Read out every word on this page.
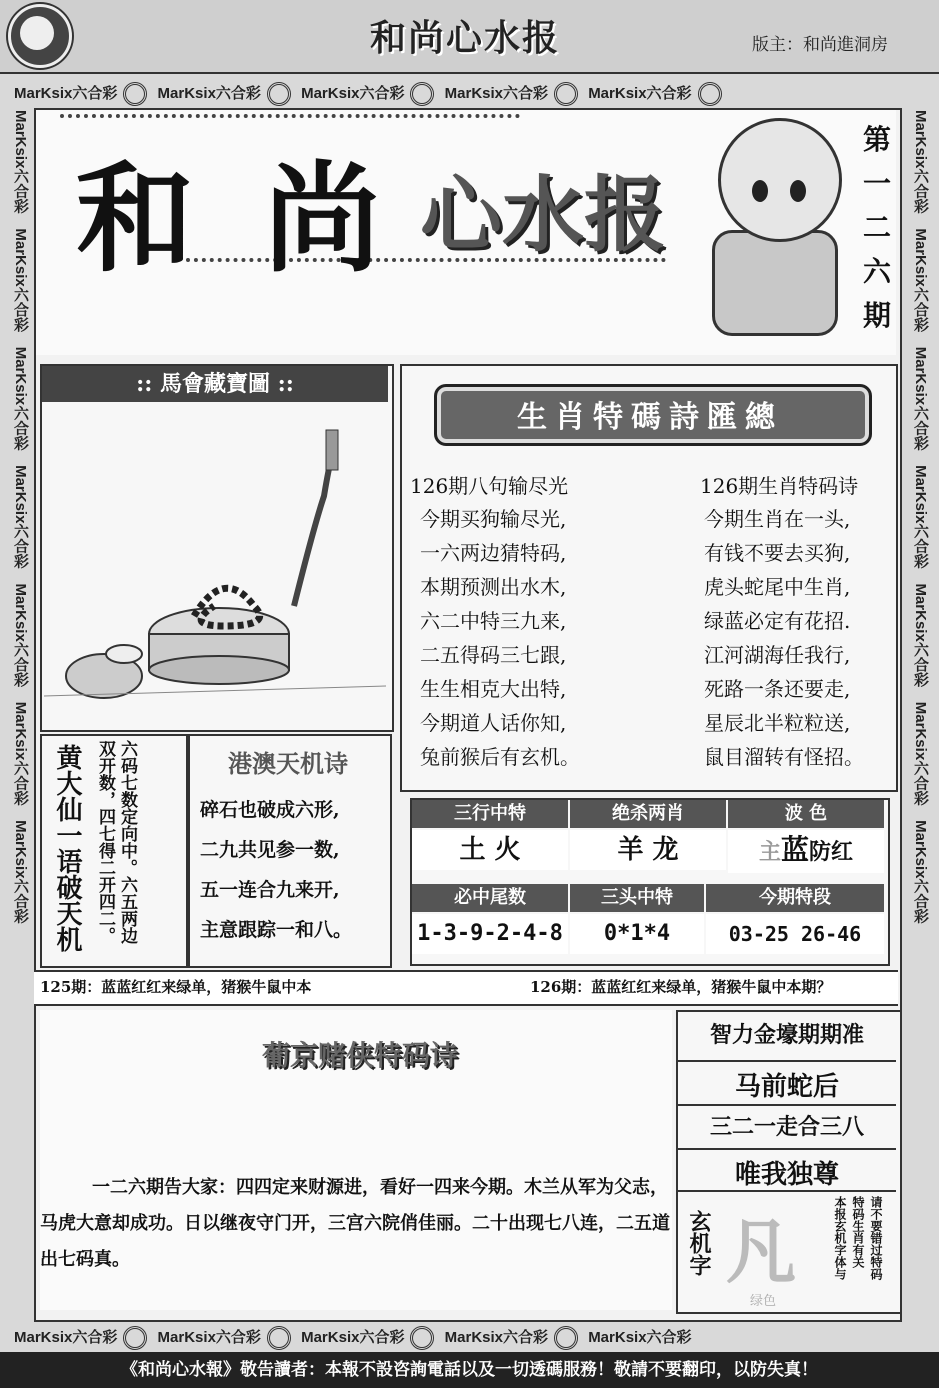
和尚心水报	版主：和尚進洞房
MarKsix六合彩	MarKsix六合彩	MarKsix六合彩	MarKsix六合彩	MarKsix六合彩
MarKsix六合彩	MarKsix六合彩	MarKsix六合彩	MarKsix六合彩	MarKsix六合彩
MarKsix六合彩　MarKsix六合彩　MarKsix六合彩　MarKsix六合彩　MarKsix六合彩　MarKsix六合彩　MarKsix六合彩
MarKsix六合彩　MarKsix六合彩　MarKsix六合彩　MarKsix六合彩　MarKsix六合彩　MarKsix六合彩　MarKsix六合彩
和 尚 心水报
第
一
二
六
期
:: 馬會藏寶圖 ::
生肖特碼詩匯總
126期八句输尽光
今期买狗输尽光,
一六两边猜特码,
本期预测出水木,
六二中特三九来,
二五得码三七跟,
生生相克大出特,
今期道人话你知,
兔前猴后有玄机。
126期生肖特码诗
今期生肖在一头,
有钱不要去买狗,
虎头蛇尾中生肖,
绿蓝必定有花招.
江河湖海任我行,
死路一条还要走,
星辰北半粒粒送,
鼠目溜转有怪招。
黄大仙一语破天机	六码七数定向中。六五两边双开数，四七得二开四二。	港澳天机诗
碎石也破成六形,
二九共见参一数,
五一连合九来开,
主意跟踪一和八。
三行中特	绝杀两肖	波 色
土 火	羊 龙	主蓝防红
必中尾数	三头中特	今期特段
1-3-9-2-4-8	0*1*4	03-25 26-46
125期：蓝蓝红红来绿单，猪猴牛鼠中本	126期：蓝蓝红红来绿单，猪猴牛鼠中本期？
葡京赌侠特码诗
一二六期告大家：四四定来财源进，看好一四来今期。木兰从军为父志，马虎大意却成功。日以继夜守门开，三宫六院俏佳丽。二十出现七八连，二五道出七码真。
智力金壕期期准
马前蛇后
三二一走合三八
唯我独尊
玄机字 凡
绿色
本报玄机字体与 特码生肖有关 请不要错过特码
《和尚心水報》敬告讀者：本報不設咨詢電話以及一切透碼服務！敬請不要翻印，以防失真！
